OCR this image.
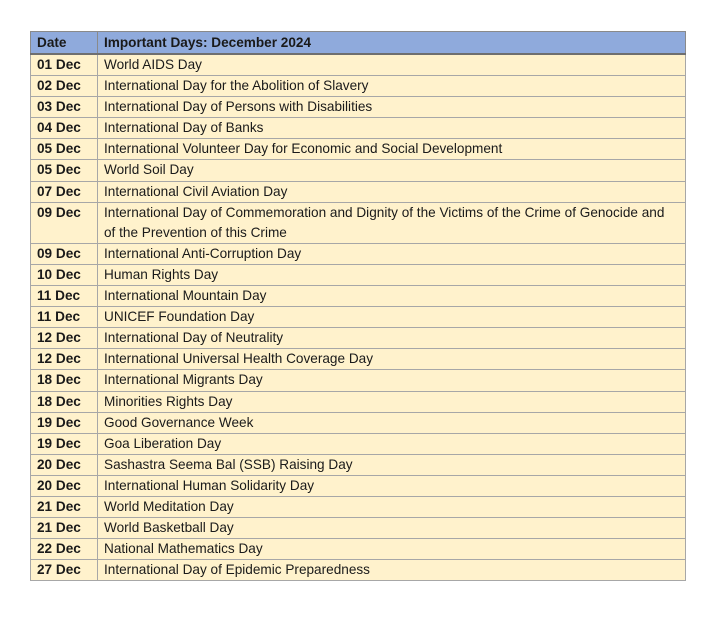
Date	Important Days: December 2024
01 Dec	World AIDS Day
02 Dec	International Day for the Abolition of Slavery
03 Dec	International Day of Persons with Disabilities
04 Dec	International Day of Banks
05 Dec	International Volunteer Day for Economic and Social Development
05 Dec	World Soil Day
07 Dec	International Civil Aviation Day
09 Dec	International Day of Commemoration and Dignity of the Victims of the Crime of Genocide and of the Prevention of this Crime
09 Dec	International Anti-Corruption Day
10 Dec	Human Rights Day
11 Dec	International Mountain Day
11 Dec	UNICEF Foundation Day
12 Dec	International Day of Neutrality
12 Dec	International Universal Health Coverage Day
18 Dec	International Migrants Day
18 Dec	Minorities Rights Day
19 Dec	Good Governance Week
19 Dec	Goa Liberation Day
20 Dec	Sashastra Seema Bal (SSB) Raising Day
20 Dec	International Human Solidarity Day
21 Dec	World Meditation Day
21 Dec	World Basketball Day
22 Dec	National Mathematics Day
27 Dec	International Day of Epidemic Preparedness
